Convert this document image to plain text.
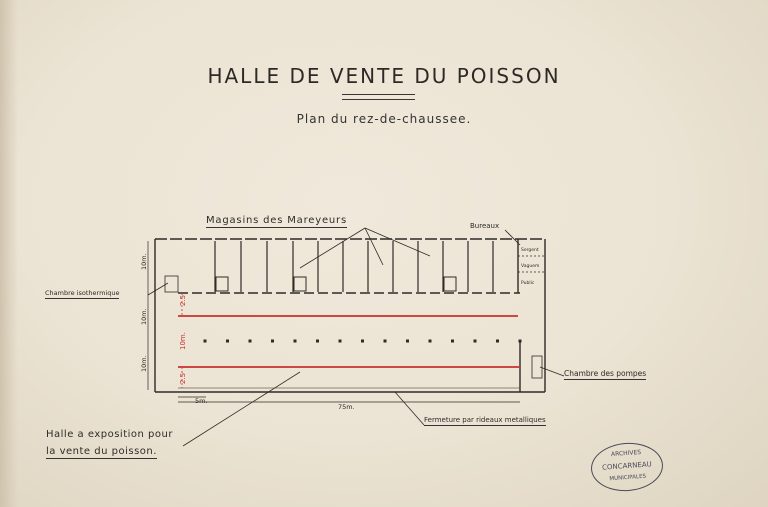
HALLE DE VENTE DU POISSON
Plan du rez-de-chaussee.
Sergent
Vaguem
Public
2.5
10m.
2.5
10m.
10m.
10m.
5m.
75m.
Magasins des Mareyeurs	Bureaux
Chambre isothermique
Chambre des pompes
Fermeture par rideaux metalliques
Halle a exposition pour
la vente du poisson.	ARCHIVES
CONCARNEAU
MUNICIPALES
